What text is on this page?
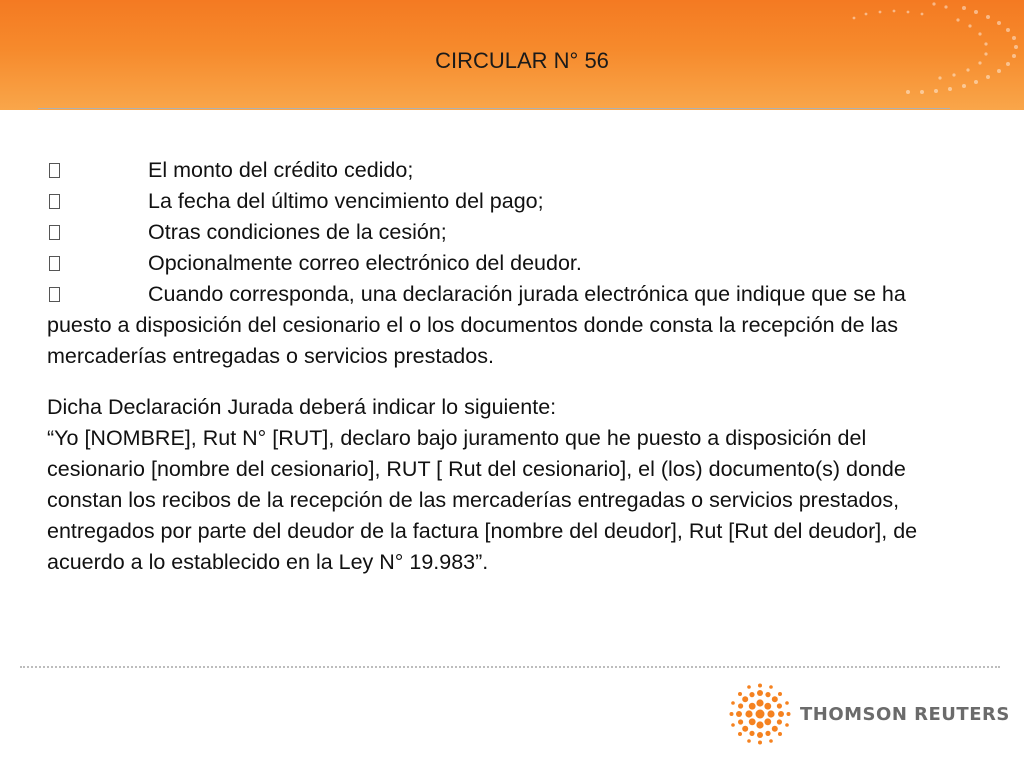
CIRCULAR N° 56
El monto del crédito cedido;
La fecha del último vencimiento del pago;
Otras condiciones de la cesión;
Opcionalmente correo electrónico del deudor.
Cuando corresponda, una declaración jurada electrónica que indique que se ha puesto a disposición del cesionario el o los documentos donde consta la recepción de las mercaderías entregadas o servicios prestados.
Dicha Declaración Jurada deberá indicar lo siguiente:
“Yo [NOMBRE], Rut N° [RUT], declaro bajo juramento que he puesto a disposición del cesionario [nombre del cesionario], RUT [ Rut del cesionario], el (los) documento(s) donde constan los recibos de la recepción de las mercaderías entregadas o servicios prestados, entregados por parte del deudor de la factura [nombre del deudor], Rut [Rut del deudor], de acuerdo a lo establecido en la Ley N° 19.983”.
THOMSON REUTERS
